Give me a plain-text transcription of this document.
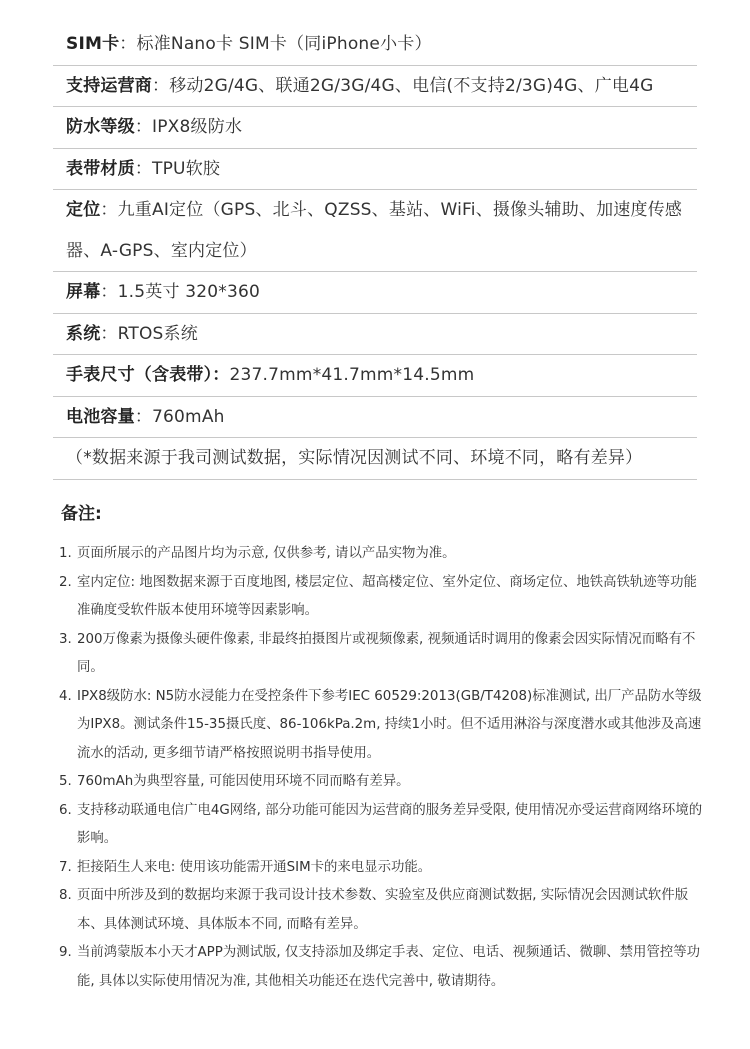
SIM卡：标准Nano卡 SIM卡（同iPhone小卡）
支持运营商：移动2G/4G、联通2G/3G/4G、电信(不支持2/3G)4G、广电4G
防水等级：IPX8级防水
表带材质：TPU软胶
定位：九重AI定位（GPS、北斗、QZSS、基站、WiFi、摄像头辅助、加速度传感器、A-GPS、室内定位）
屏幕：1.5英寸 320*360
系统：RTOS系统
手表尺寸（含表带）：237.7mm*41.7mm*14.5mm
电池容量：760mAh
（*数据来源于我司测试数据，实际情况因测试不同、环境不同，略有差异）
备注:
1. 页面所展示的产品图片均为示意, 仅供参考, 请以产品实物为准。
2. 室内定位: 地图数据来源于百度地图, 楼层定位、超高楼定位、室外定位、商场定位、地铁高铁轨迹等功能准确度受软件版本使用环境等因素影响。
3. 200万像素为摄像头硬件像素, 非最终拍摄图片或视频像素, 视频通话时调用的像素会因实际情况而略有不同。
4. IPX8级防水: N5防水浸能力在受控条件下参考IEC 60529:2013(GB/T4208)标准测试, 出厂产品防水等级为IPX8。测试条件15-35摄氏度、86-106kPa.2m, 持续1小时。但不适用淋浴与深度潜水或其他涉及高速流水的活动, 更多细节请严格按照说明书指导使用。
5. 760mAh为典型容量, 可能因使用环境不同而略有差异。
6. 支持移动联通电信广电4G网络, 部分功能可能因为运营商的服务差异受限, 使用情况亦受运营商网络环境的影响。
7. 拒接陌生人来电: 使用该功能需开通SIM卡的来电显示功能。
8. 页面中所涉及到的数据均来源于我司设计技术参数、实验室及供应商测试数据, 实际情况会因测试软件版本、具体测试环境、具体版本不同, 而略有差异。
9. 当前鸿蒙版本小天才APP为测试版, 仅支持添加及绑定手表、定位、电话、视频通话、微聊、禁用管控等功能, 具体以实际使用情况为准, 其他相关功能还在迭代完善中, 敬请期待。
